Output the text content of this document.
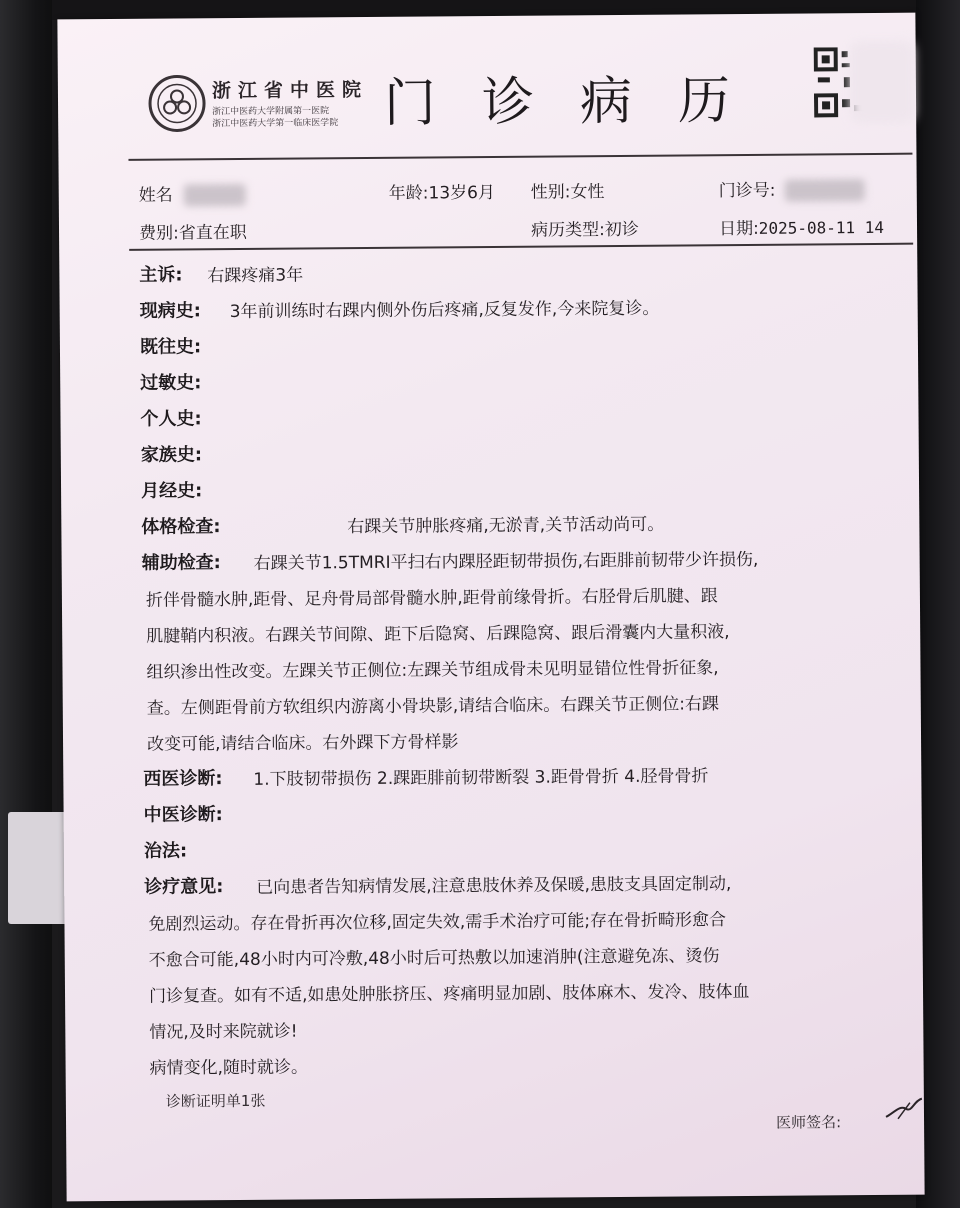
浙江省中医院
浙江中医药大学附属第一医院
浙江中医药大学第一临床医学院 门诊病历
姓名	年龄:13岁6月 性别:女性	门诊号:
费别:省直在职	病历类型:初诊	日期:2025-08-11 14
主诉: 右踝疼痛3年
现病史: 3年前训练时右踝内侧外伤后疼痛,反复发作,今来院复诊。
既往史:
过敏史:
个人史:
家族史:
月经史:
体格检查:	右踝关节肿胀疼痛,无淤青,关节活动尚可。
辅助检查: 右踝关节1.5TMRI平扫右内踝胫距韧带损伤,右距腓前韧带少许损伤,
折伴骨髓水肿,距骨、足舟骨局部骨髓水肿,距骨前缘骨折。右胫骨后肌腱、跟
肌腱鞘内积液。右踝关节间隙、距下后隐窝、后踝隐窝、跟后滑囊内大量积液,
组织渗出性改变。左踝关节正侧位:左踝关节组成骨未见明显错位性骨折征象,
查。左侧距骨前方软组织内游离小骨块影,请结合临床。右踝关节正侧位:右踝
改变可能,请结合临床。右外踝下方骨样影
西医诊断: 1.下肢韧带损伤 2.踝距腓前韧带断裂 3.距骨骨折 4.胫骨骨折
中医诊断:
治法:
诊疗意见: 已向患者告知病情发展,注意患肢休养及保暖,患肢支具固定制动,
免剧烈运动。存在骨折再次位移,固定失效,需手术治疗可能;存在骨折畸形愈合
不愈合可能,48小时内可冷敷,48小时后可热敷以加速消肿(注意避免冻、烫伤
门诊复查。如有不适,如患处肿胀挤压、疼痛明显加剧、肢体麻木、发冷、肢体血
情况,及时来院就诊!
病情变化,随时就诊。
诊断证明单1张
医师签名:
